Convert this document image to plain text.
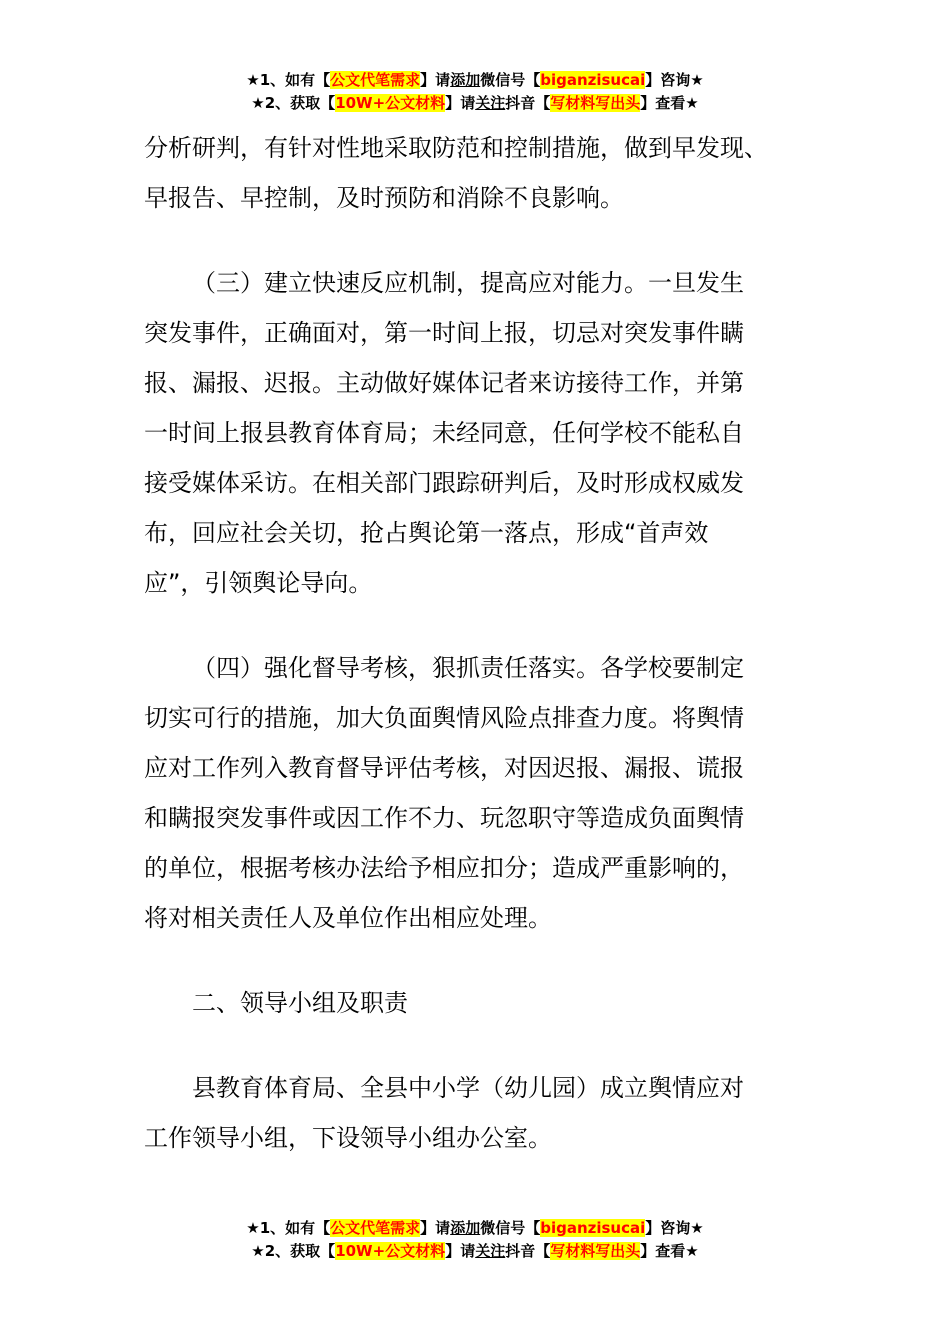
★1、如有【公文代笔需求】请添加微信号【biganzisucai】咨询★
★2、获取【10W+公文材料】请关注抖音【写材料写出头】查看★
分析研判，有针对性地采取防范和控制措施，做到早发现、
早报告、早控制，及时预防和消除不良影响。
（三）建立快速反应机制，提高应对能力。一旦发生
突发事件，正确面对，第一时间上报，切忌对突发事件瞒
报、漏报、迟报。主动做好媒体记者来访接待工作，并第
一时间上报县教育体育局；未经同意，任何学校不能私自
接受媒体采访。在相关部门跟踪研判后，及时形成权威发
布，回应社会关切，抢占舆论第一落点，形成“首声效
应”，引领舆论导向。
（四）强化督导考核，狠抓责任落实。各学校要制定
切实可行的措施，加大负面舆情风险点排查力度。将舆情
应对工作列入教育督导评估考核，对因迟报、漏报、谎报
和瞒报突发事件或因工作不力、玩忽职守等造成负面舆情
的单位，根据考核办法给予相应扣分；造成严重影响的，
将对相关责任人及单位作出相应处理。
二、领导小组及职责
县教育体育局、全县中小学（幼儿园）成立舆情应对
工作领导小组，下设领导小组办公室。
★1、如有【公文代笔需求】请添加微信号【biganzisucai】咨询★
★2、获取【10W+公文材料】请关注抖音【写材料写出头】查看★
